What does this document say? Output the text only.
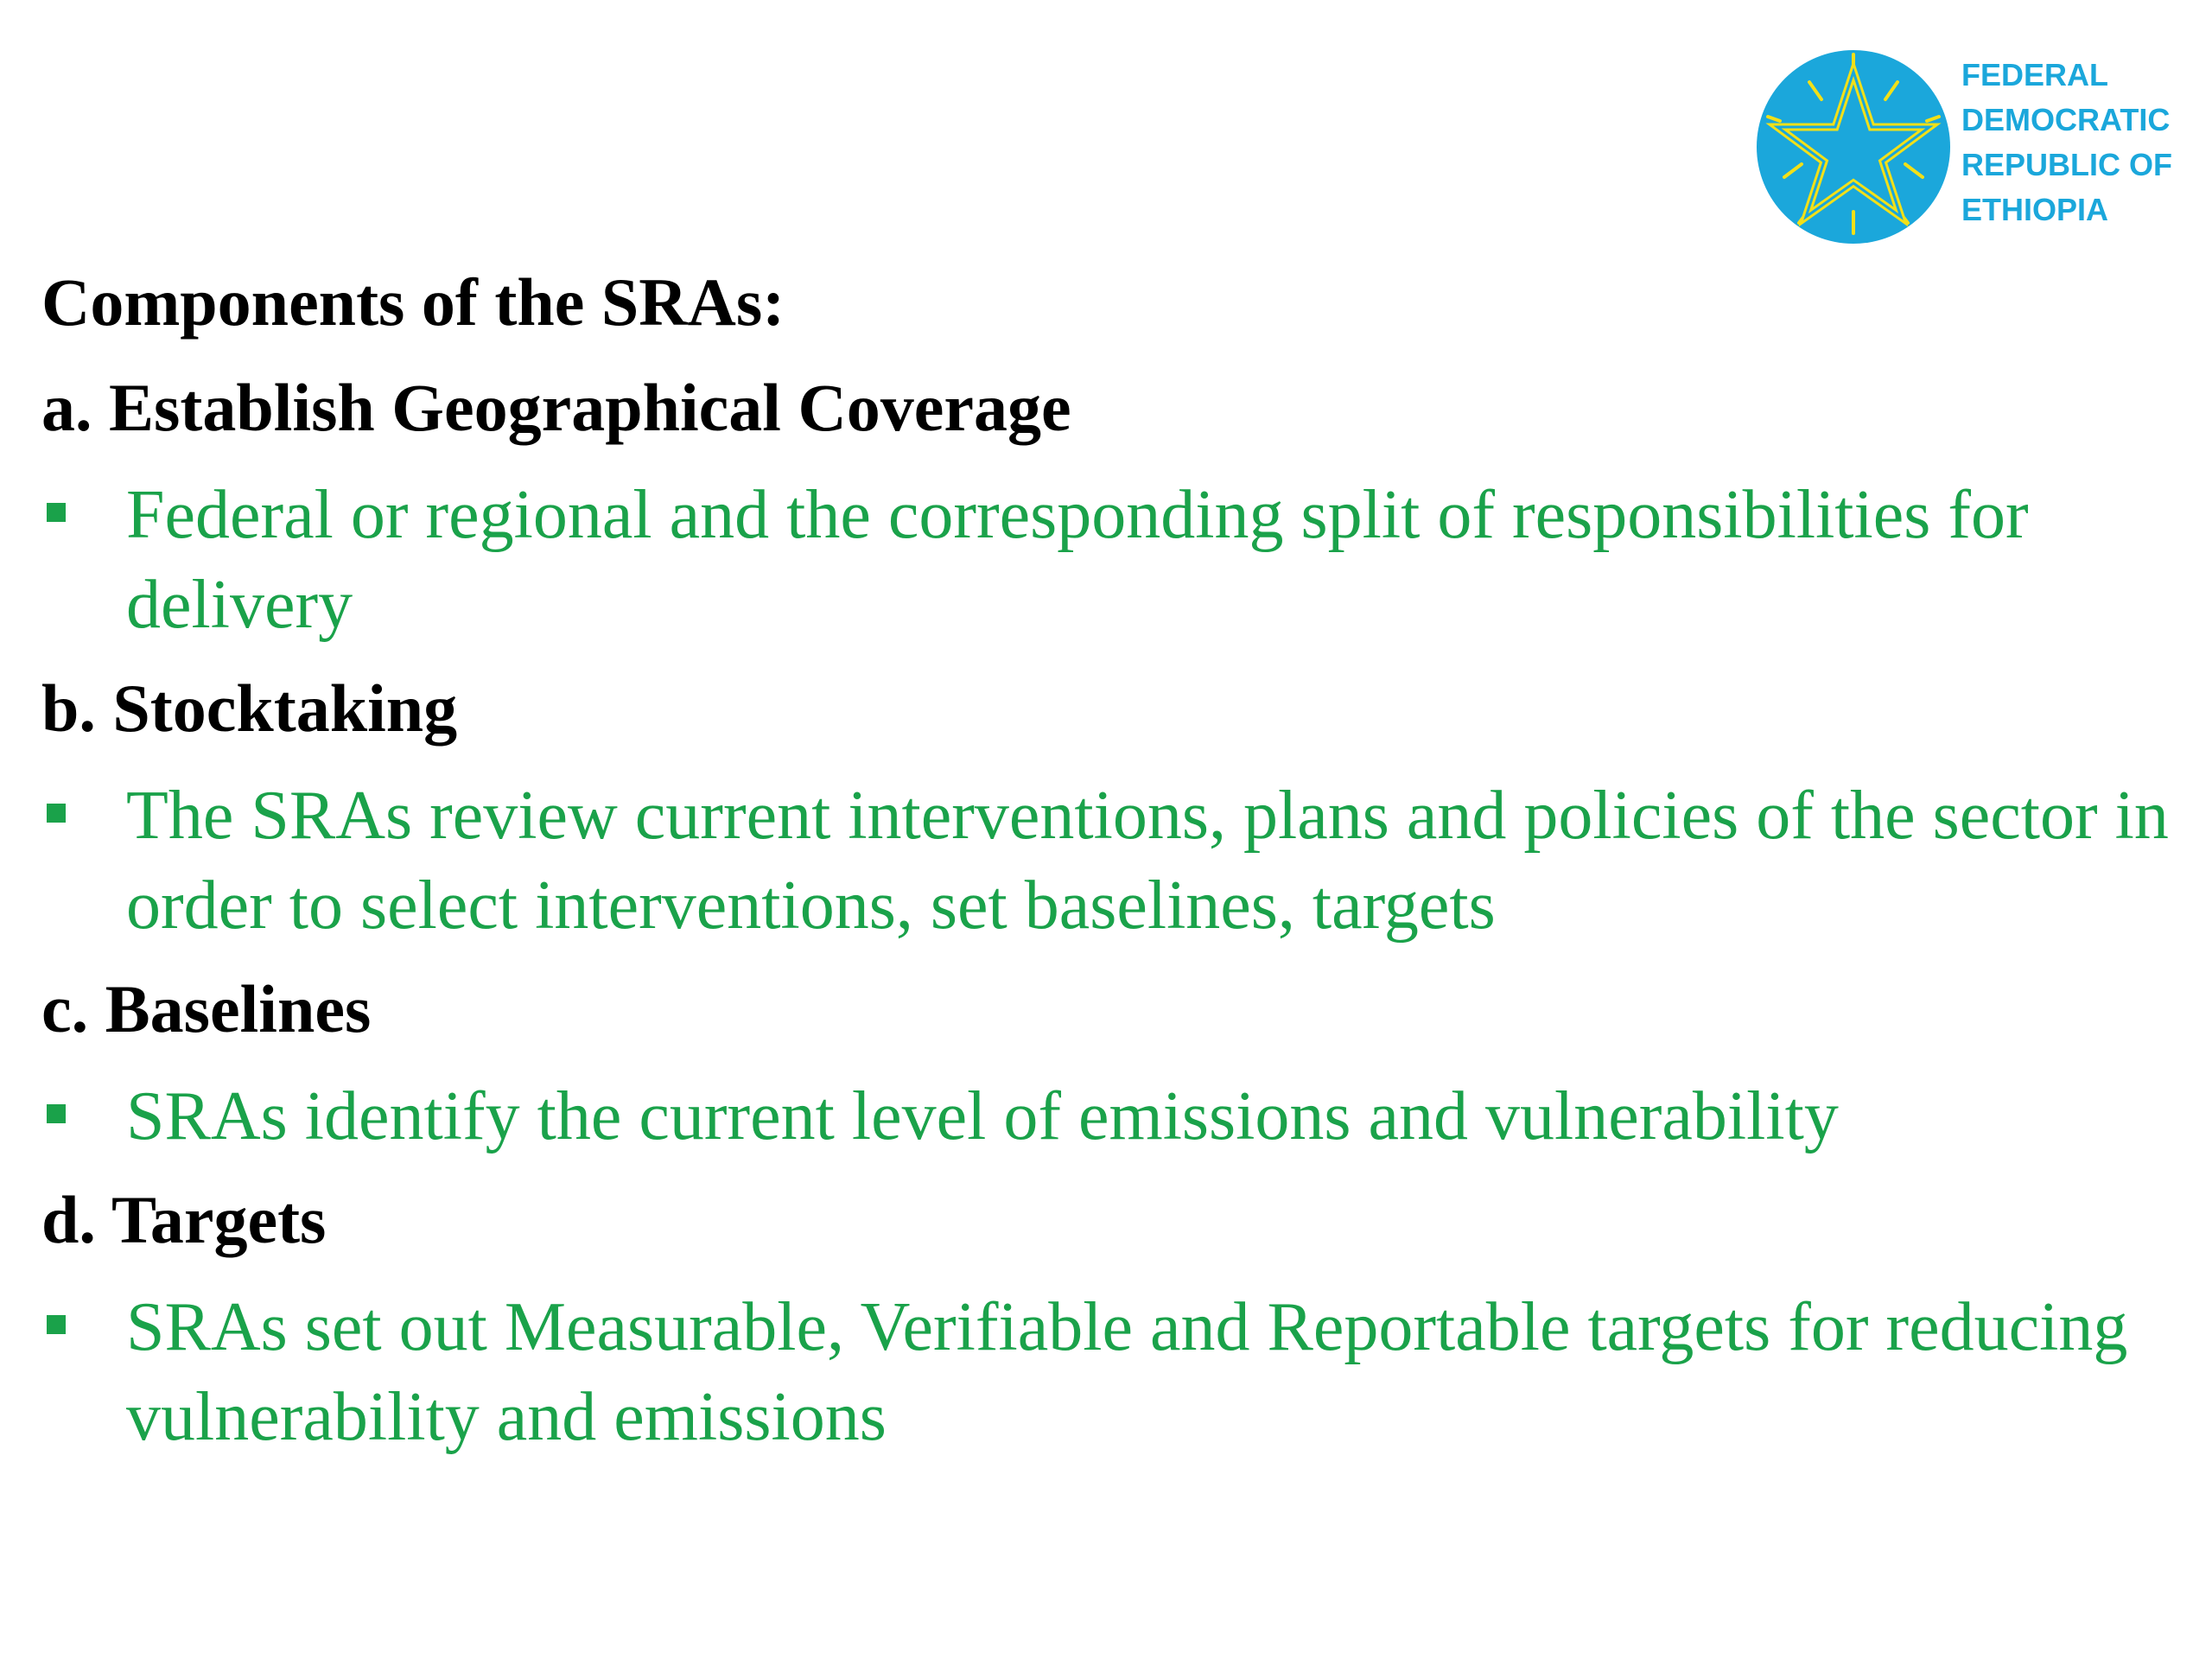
FEDERAL
DEMOCRATIC
REPUBLIC OF
ETHIOPIA
Components of the SRAs:
a. Establish Geographical Coverage
Federal or regional and the corresponding split of responsibilities for delivery
b. Stocktaking
The SRAs review current interventions, plans and policies of the sector in order to select interventions, set baselines, targets
c. Baselines
SRAs identify the current level of emissions and vulnerability
d. Targets
SRAs set out Measurable, Verifiable and Reportable targets for reducing vulnerability and emissions
